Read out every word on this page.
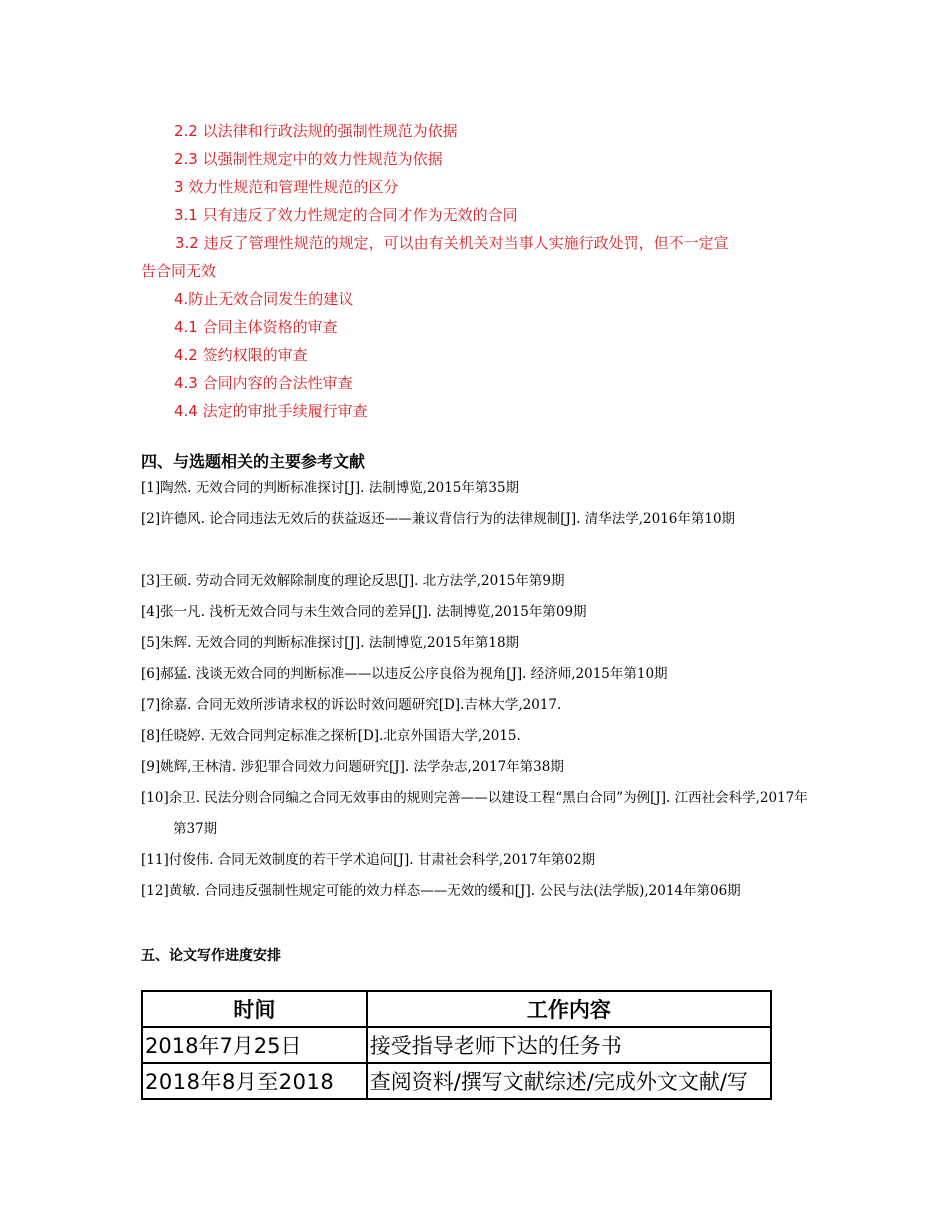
2.2 以法律和行政法规的强制性规范为依据
2.3 以强制性规定中的效力性规范为依据
3 效力性规范和管理性规范的区分
3.1 只有违反了效力性规定的合同才作为无效的合同
3.2 违反了管理性规范的规定，可以由有关机关对当事人实施行政处罚，但不一定宣
告合同无效
4.防止无效合同发生的建议
4.1 合同主体资格的审查
4.2 签约权限的审查
4.3 合同内容的合法性审查
4.4 法定的审批手续履行审查
四、与选题相关的主要参考文献
[1]陶然. 无效合同的判断标准探讨[J]. 法制博览,2015年第35期
[2]许德风. 论合同违法无效后的获益返还——兼议背信行为的法律规制[J]. 清华法学,2016年第10期
[3]王硕. 劳动合同无效解除制度的理论反思[J]. 北方法学,2015年第9期
[4]张一凡. 浅析无效合同与未生效合同的差异[J]. 法制博览,2015年第09期
[5]朱辉. 无效合同的判断标准探讨[J]. 法制博览,2015年第18期
[6]郝猛. 浅谈无效合同的判断标准——以违反公序良俗为视角[J]. 经济师,2015年第10期
[7]徐嘉. 合同无效所涉请求权的诉讼时效问题研究[D].吉林大学,2017.
[8]任晓婷. 无效合同判定标准之探析[D].北京外国语大学,2015.
[9]姚辉,王林清. 涉犯罪合同效力问题研究[J]. 法学杂志,2017年第38期
[10]余卫. 民法分则合同编之合同无效事由的规则完善——以建设工程“黑白合同”为例[J]. 江西社会科学,2017年第37期
[11]付俊伟. 合同无效制度的若干学术追问[J]. 甘肃社会科学,2017年第02期
[12]黄敏. 合同违反强制性规定可能的效力样态——无效的缓和[J]. 公民与法(法学版),2014年第06期
五、论文写作进度安排
时间	工作内容
2018年7月25日	接受指导老师下达的任务书
2018年8月至2018	查阅资料/撰写文献综述/完成外文文献/写
